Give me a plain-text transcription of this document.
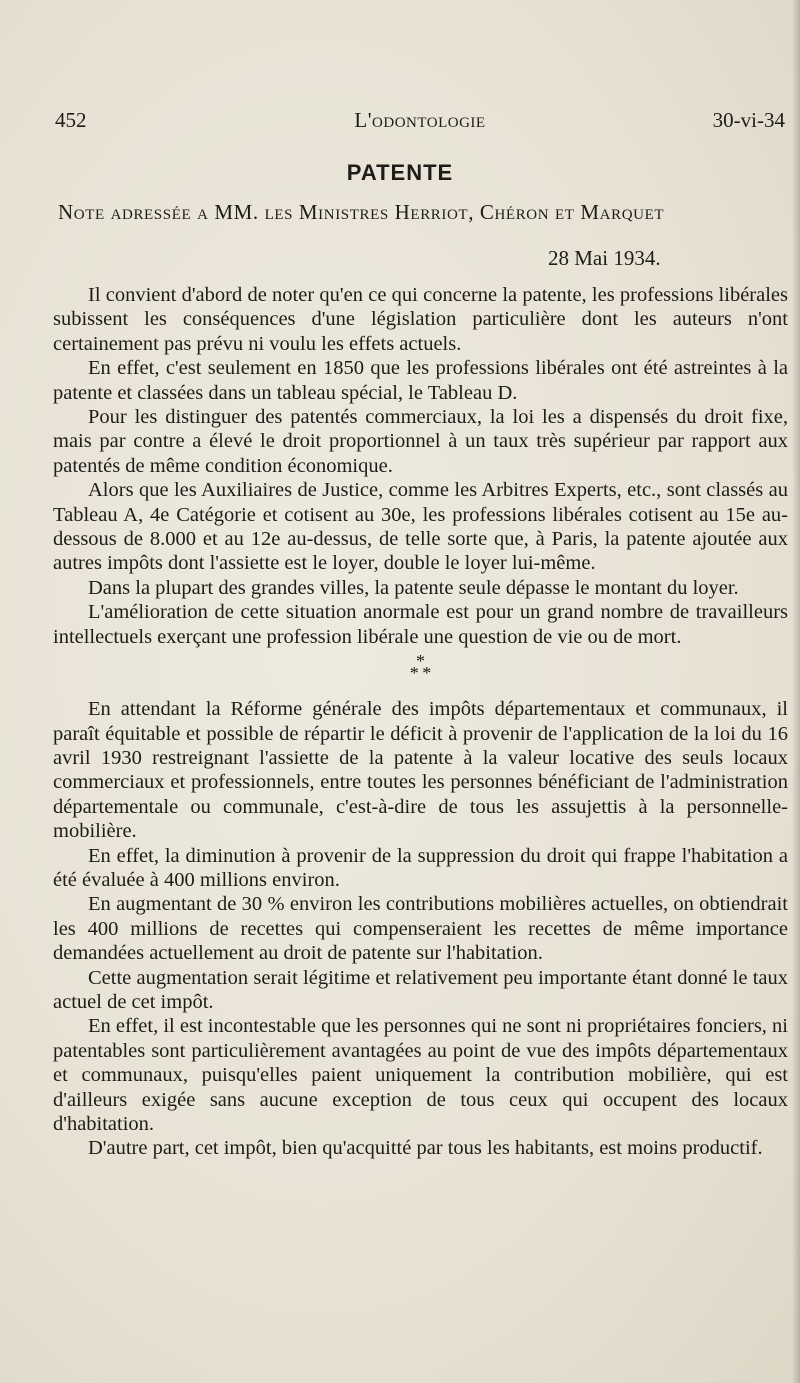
452	L'odontologie	30-vi-34
PATENTE
Note adressée a MM. les Ministres Herriot, Chéron et Marquet
28 Mai 1934.

Il convient d'abord de noter qu'en ce qui concerne la patente, les professions libérales subissent les conséquences d'une législation particulière dont les auteurs n'ont certainement pas prévu ni voulu les effets actuels.

En effet, c'est seulement en 1850 que les professions libérales ont été astreintes à la patente et classées dans un tableau spécial, le Tableau D.

Pour les distinguer des patentés commerciaux, la loi les a dispensés du droit fixe, mais par contre a élevé le droit proportionnel à un taux très supérieur par rapport aux patentés de même condition économique.

Alors que les Auxiliaires de Justice, comme les Arbitres Experts, etc., sont classés au Tableau A, 4e Catégorie et cotisent au 30e, les professions libérales cotisent au 15e au-dessous de 8.000 et au 12e au-dessus, de telle sorte que, à Paris, la patente ajoutée aux autres impôts dont l'assiette est le loyer, double le loyer lui-même.

Dans la plupart des grandes villes, la patente seule dépasse le montant du loyer.

L'amélioration de cette situation anormale est pour un grand nombre de travailleurs intellectuels exerçant une profession libérale une question de vie ou de mort.

*
* *

En attendant la Réforme générale des impôts départementaux et communaux, il paraît équitable et possible de répartir le déficit à provenir de l'application de la loi du 16 avril 1930 restreignant l'assiette de la patente à la valeur locative des seuls locaux commerciaux et professionnels, entre toutes les personnes bénéficiant de l'administration départementale ou communale, c'est-à-dire de tous les assujettis à la personnelle-mobilière.

En effet, la diminution à provenir de la suppression du droit qui frappe l'habitation a été évaluée à 400 millions environ.

En augmentant de 30 % environ les contributions mobilières actuelles, on obtiendrait les 400 millions de recettes qui compenseraient les recettes de même importance demandées actuellement au droit de patente sur l'habitation.

Cette augmentation serait légitime et relativement peu importante étant donné le taux actuel de cet impôt.

En effet, il est incontestable que les personnes qui ne sont ni propriétaires fonciers, ni patentables sont particulièrement avantagées au point de vue des impôts départementaux et communaux, puisqu'elles paient uniquement la contribution mobilière, qui est d'ailleurs exigée sans aucune exception de tous ceux qui occupent des locaux d'habitation.

D'autre part, cet impôt, bien qu'acquitté par tous les habitants, est moins productif.
